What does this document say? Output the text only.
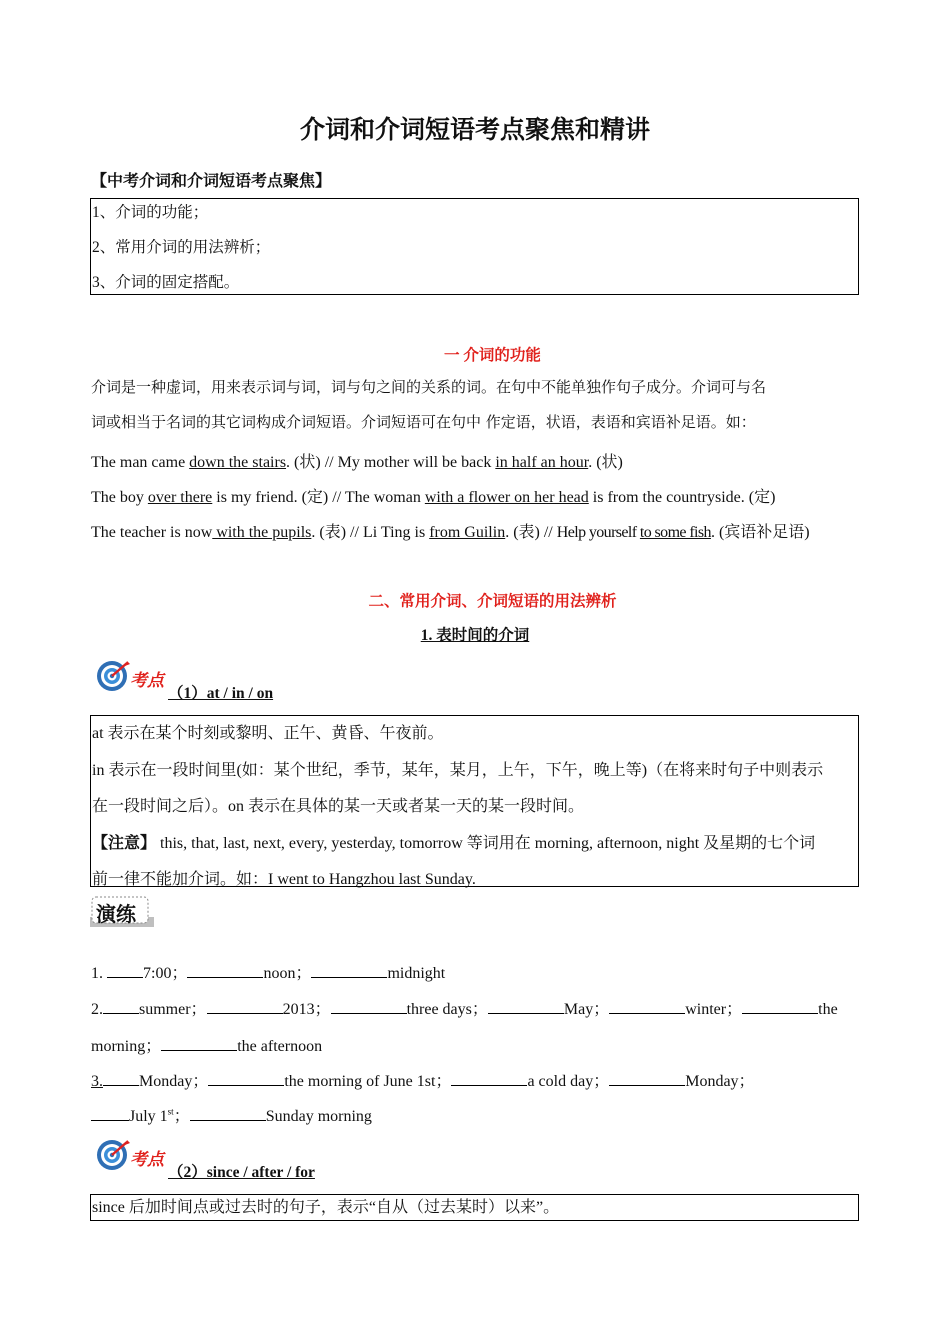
介词和介词短语考点聚焦和精讲
【中考介词和介词短语考点聚焦】
1、介词的功能；
2、常用介词的用法辨析；
3、介词的固定搭配。
一 介词的功能
介词是一种虚词，用来表示词与词，词与句之间的关系的词。在句中不能单独作句子成分。介词可与名
词或相当于名词的其它词构成介词短语。介词短语可在句中 作定语，状语，表语和宾语补足语。如：
The man came down the stairs. (状) // My mother will be back in half an hour. (状)
The boy over there is my friend. (定) // The woman with a flower on her head is from the countryside. (定)
The teacher is now with the pupils. (表) // Li Ting is from Guilin. (表) // Help yourself to some fish. (宾语补足语)
二、常用介词、介词短语的用法辨析
1. 表时间的介词
考点
（1）at / in / on
at 表示在某个时刻或黎明、正午、黄昏、午夜前。
in 表示在一段时间里(如：某个世纪，季节，某年，某月，上午，下午，晚上等)（在将来时句子中则表示
在一段时间之后）。on 表示在具体的某一天或者某一天的某一段时间。
【注意】 this, that, last, next, every, yesterday, tomorrow 等词用在 morning, afternoon, night 及星期的七个词
前一律不能加介词。如：I went to Hangzhou last Sunday.
演练
1. 7:00；	noon；	midnight
2. summer；	2013；	three days；	May；	winter；	the
morning；	the afternoon
3. Monday；	the morning of June 1st；	a cold day；	Monday；
July 1st；	Sunday morning
考点
（2）since / after / for
since 后加时间点或过去时的句子，表示“自从（过去某时）以来”。
